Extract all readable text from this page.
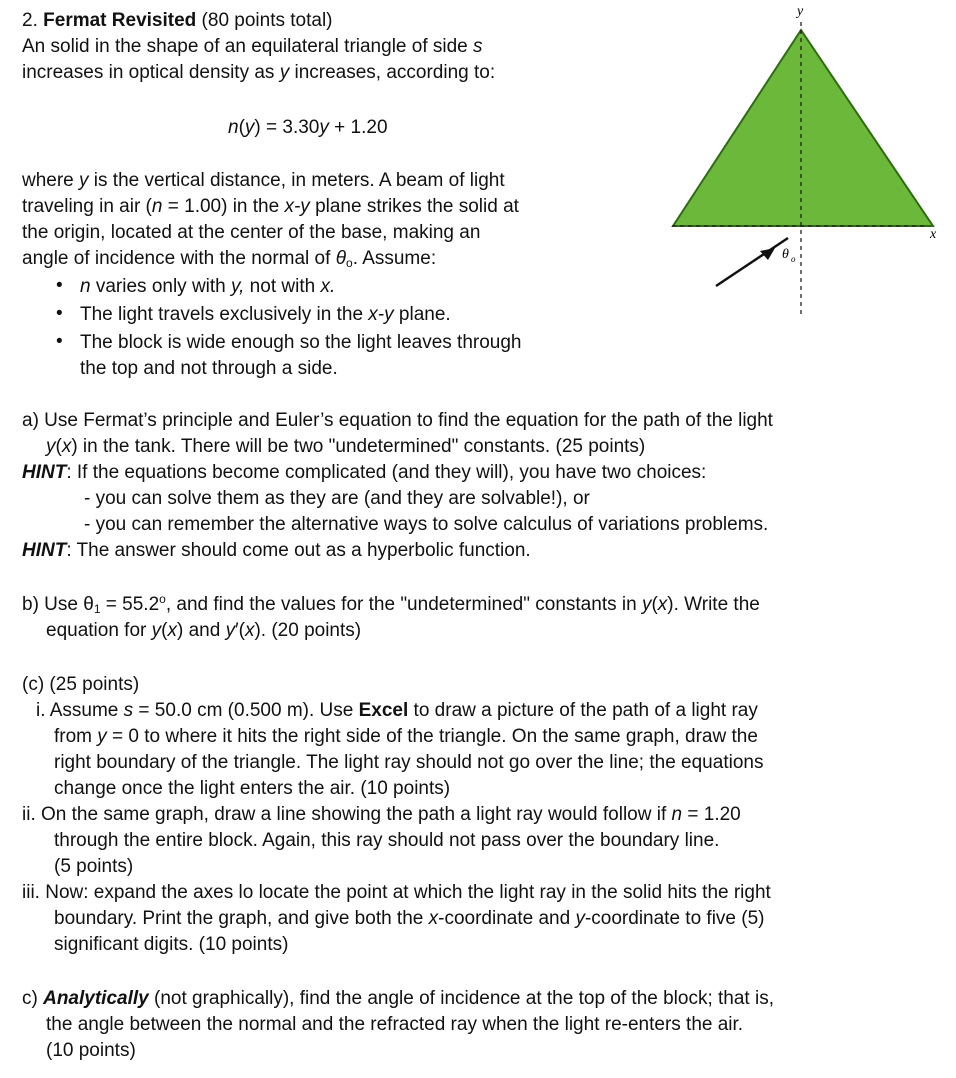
2. Fermat Revisited (80 points total)
An solid in the shape of an equilateral triangle of side s
increases in optical density as y increases, according to:
n(y) = 3.30y + 1.20
where y is the vertical distance, in meters. A beam of light
traveling in air (n = 1.00) in the x-y plane strikes the solid at
the origin, located at the center of the base, making an
angle of incidence with the normal of $\theta_o$. Assume:
• n varies only with y, not with x.
• The light travels exclusively in the x-y plane.
• The block is wide enough so the light leaves through
the top and not through a side.
y
x
θ o
a) Use Fermat’s principle and Euler’s equation to find the equation for the path of the light
y(x) in the tank. There will be two "undetermined" constants. (25 points)
HINT: If the equations become complicated (and they will), you have two choices:
- you can solve them as they are (and they are solvable!), or
- you can remember the alternative ways to solve calculus of variations problems.
HINT: The answer should come out as a hyperbolic function.
b) Use $\theta_1 = 55.2^o$, and find the values for the "undetermined" constants in y(x). Write the
equation for y(x) and y′(x). (20 points)
(c) (25 points)
i. Assume s = 50.0 cm (0.500 m). Use Excel to draw a picture of the path of a light ray
from y = 0 to where it hits the right side of the triangle. On the same graph, draw the
right boundary of the triangle. The light ray should not go over the line; the equations
change once the light enters the air. (10 points)
ii. On the same graph, draw a line showing the path a light ray would follow if n = 1.20
through the entire block. Again, this ray should not pass over the boundary line.
(5 points)
iii. Now: expand the axes lo locate the point at which the light ray in the solid hits the right
boundary. Print the graph, and give both the x-coordinate and y-coordinate to five (5)
significant digits. (10 points)
c) Analytically (not graphically), find the angle of incidence at the top of the block; that is,
the angle between the normal and the refracted ray when the light re-enters the air.
(10 points)
